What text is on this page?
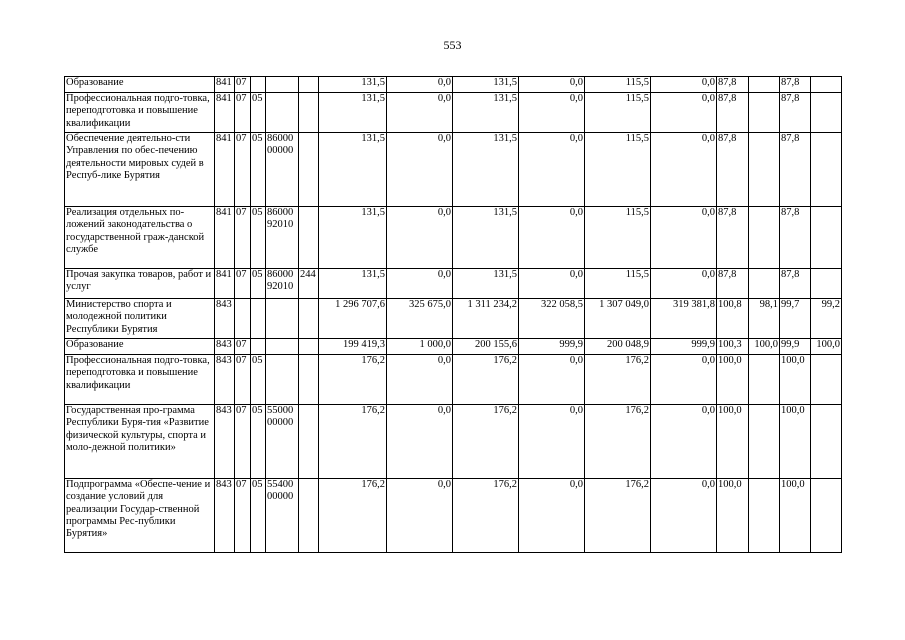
553
Образование	841	07				131,5	0,0	131,5	0,0	115,5	0,0	87,8		87,8	
Профессиональная подго-товка, переподготовка и повышение квалификации	841	07	05			131,5	0,0	131,5	0,0	115,5	0,0	87,8		87,8	
Обеспечение деятельно-сти Управления по обес-печению деятельности мировых судей в Респуб-лике Бурятия	841	07	05	86000 00000		131,5	0,0	131,5	0,0	115,5	0,0	87,8		87,8	
Реализация отдельных по-ложений законодательства о государственной граж-данской службе	841	07	05	86000 92010		131,5	0,0	131,5	0,0	115,5	0,0	87,8		87,8	
Прочая закупка товаров, работ и услуг	841	07	05	86000 92010	244	131,5	0,0	131,5	0,0	115,5	0,0	87,8		87,8	
Министерство спорта и молодежной политики Республики Бурятия	843					1 296 707,6	325 675,0	1 311 234,2	322 058,5	1 307 049,0	319 381,8	100,8	98,1	99,7	99,2
Образование	843	07				199 419,3	1 000,0	200 155,6	999,9	200 048,9	999,9	100,3	100,0	99,9	100,0
Профессиональная подго-товка, переподготовка и повышение квалификации	843	07	05			176,2	0,0	176,2	0,0	176,2	0,0	100,0		100,0	
Государственная про-грамма Республики Буря-тия «Развитие физической культуры, спорта и моло-дежной политики»	843	07	05	55000 00000		176,2	0,0	176,2	0,0	176,2	0,0	100,0		100,0	
Подпрограмма «Обеспе-чение и создание условий для реализации Государ-ственной программы Рес-публики Бурятия»	843	07	05	55400 00000		176,2	0,0	176,2	0,0	176,2	0,0	100,0		100,0	
